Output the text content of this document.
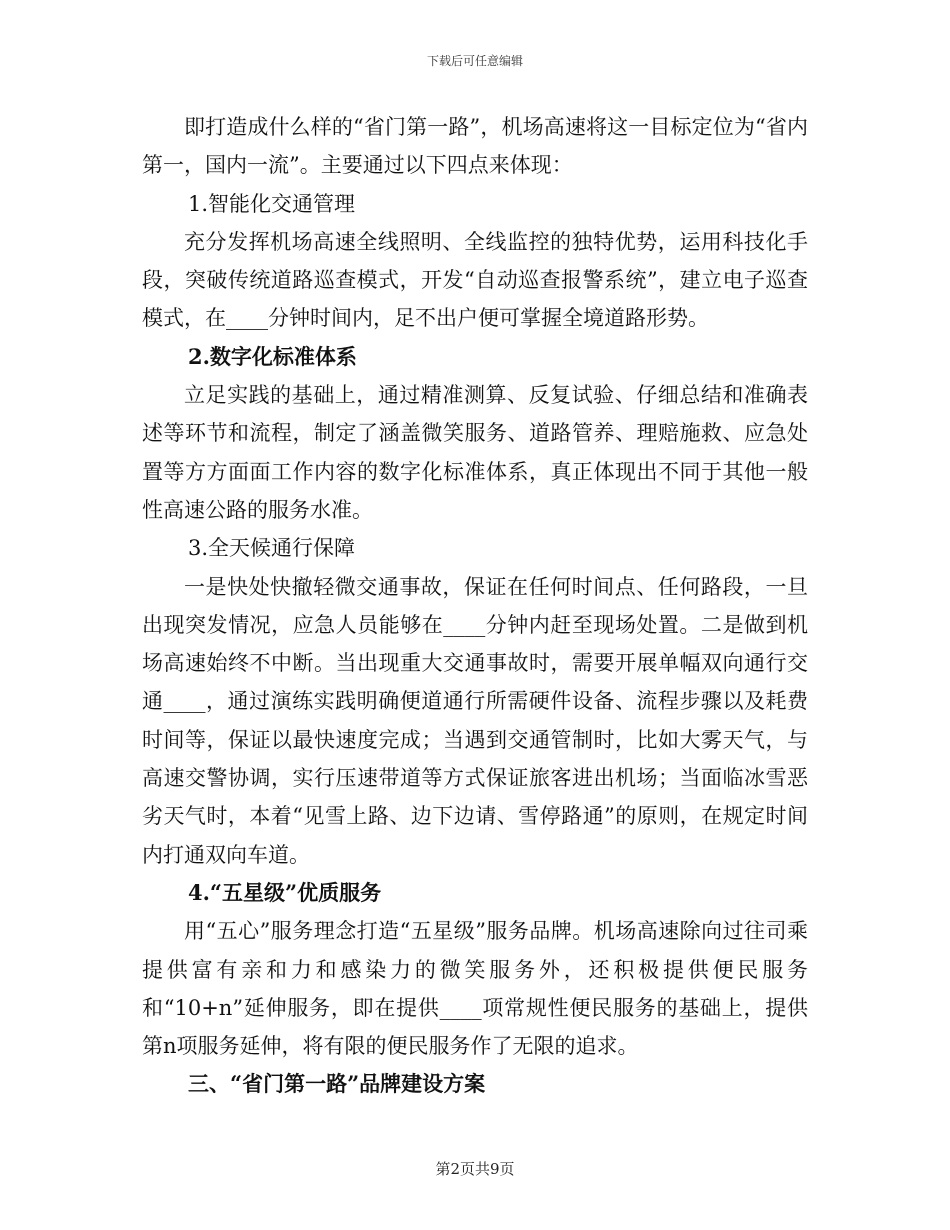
下载后可任意编辑

即打造成什么样的“省门第一路”，机场高速将这一目标定位为“省内第一，国内一流”。主要通过以下四点来体现：

1.智能化交通管理

充分发挥机场高速全线照明、全线监控的独特优势，运用科技化手段，突破传统道路巡查模式，开发“自动巡查报警系统”，建立电子巡查模式，在____分钟时间内，足不出户便可掌握全境道路形势。

2.数字化标准体系

立足实践的基础上，通过精准测算、反复试验、仔细总结和准确表述等环节和流程，制定了涵盖微笑服务、道路管养、理赔施救、应急处置等方方面面工作内容的数字化标准体系，真正体现出不同于其他一般性高速公路的服务水准。

3.全天候通行保障

一是快处快撤轻微交通事故，保证在任何时间点、任何路段，一旦出现突发情况，应急人员能够在____分钟内赶至现场处置。二是做到机场高速始终不中断。当出现重大交通事故时，需要开展单幅双向通行交通____，通过演练实践明确便道通行所需硬件设备、流程步骤以及耗费时间等，保证以最快速度完成；当遇到交通管制时，比如大雾天气，与高速交警协调，实行压速带道等方式保证旅客进出机场；当面临冰雪恶劣天气时，本着“见雪上路、边下边请、雪停路通”的原则，在规定时间内打通双向车道。

4.“五星级”优质服务

用“五心”服务理念打造“五星级”服务品牌。机场高速除向过往司乘提供富有亲和力和感染力的微笑服务外，还积极提供便民服务和“10+n”延伸服务，即在提供____项常规性便民服务的基础上，提供第n项服务延伸，将有限的便民服务作了无限的追求。

三、“省门第一路”品牌建设方案

第2页共9页
